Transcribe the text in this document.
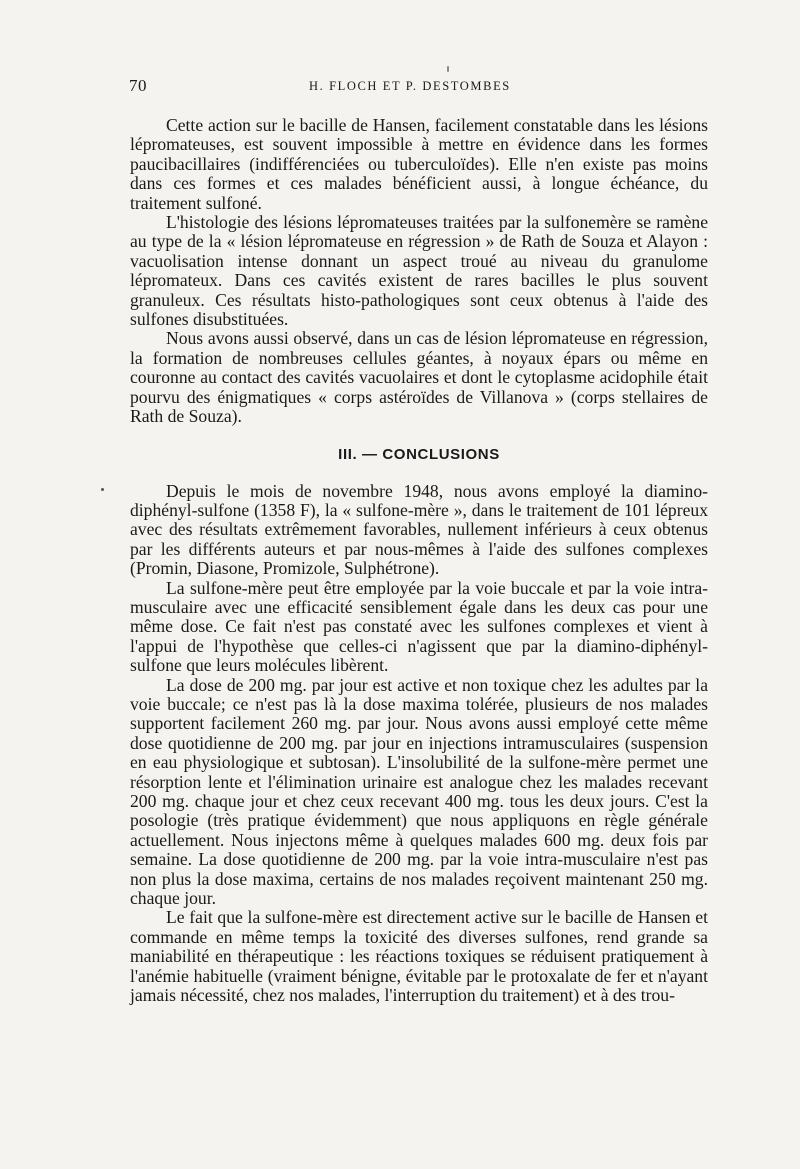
70	H. FLOCH ET P. DESTOMBES

Cette action sur le bacille de Hansen, facilement constatable dans les lésions lépromateuses, est souvent impossible à mettre en évidence dans les formes paucibacillaires (indifférenciées ou tuberculoïdes). Elle n'en existe pas moins dans ces formes et ces malades bénéficient aussi, à longue échéance, du traitement sulfoné.

L'histologie des lésions lépromateuses traitées par la sulfonemère se ramène au type de la « lésion lépromateuse en régression » de Rath de Souza et Alayon : vacuolisation intense donnant un aspect troué au niveau du granulome lépromateux. Dans ces cavités existent de rares bacilles le plus souvent granuleux. Ces résultats histo-pathologiques sont ceux obtenus à l'aide des sulfones disubstituées.

Nous avons aussi observé, dans un cas de lésion lépromateuse en régression, la formation de nombreuses cellules géantes, à noyaux épars ou même en couronne au contact des cavités vacuolaires et dont le cytoplasme acidophile était pourvu des énigmatiques « corps astéroïdes de Villanova » (corps stellaires de Rath de Souza).

III. — CONCLUSIONS

Depuis le mois de novembre 1948, nous avons employé la diamino-diphényl-sulfone (1358 F), la « sulfone-mère », dans le traitement de 101 lépreux avec des résultats extrêmement favorables, nullement inférieurs à ceux obtenus par les différents auteurs et par nous-mêmes à l'aide des sulfones complexes (Promin, Diasone, Promizole, Sulphétrone).

La sulfone-mère peut être employée par la voie buccale et par la voie intra-musculaire avec une efficacité sensiblement égale dans les deux cas pour une même dose. Ce fait n'est pas constaté avec les sulfones complexes et vient à l'appui de l'hypothèse que celles-ci n'agissent que par la diamino-diphényl-sulfone que leurs molécules libèrent.

La dose de 200 mg. par jour est active et non toxique chez les adultes par la voie buccale; ce n'est pas là la dose maxima tolérée, plusieurs de nos malades supportent facilement 260 mg. par jour. Nous avons aussi employé cette même dose quotidienne de 200 mg. par jour en injections intramusculaires (suspension en eau physiologique et subtosan). L'insolubilité de la sulfone-mère permet une résorption lente et l'élimination urinaire est analogue chez les malades recevant 200 mg. chaque jour et chez ceux recevant 400 mg. tous les deux jours. C'est la posologie (très pratique évidemment) que nous appliquons en règle générale actuellement. Nous injectons même à quelques malades 600 mg. deux fois par semaine. La dose quotidienne de 200 mg. par la voie intra-musculaire n'est pas non plus la dose maxima, certains de nos malades reçoivent maintenant 250 mg. chaque jour.

Le fait que la sulfone-mère est directement active sur le bacille de Hansen et commande en même temps la toxicité des diverses sulfones, rend grande sa maniabilité en thérapeutique : les réactions toxiques se réduisent pratiquement à l'anémie habituelle (vraiment bénigne, évitable par le protoxalate de fer et n'ayant jamais nécessité, chez nos malades, l'interruption du traitement) et à des trou-
